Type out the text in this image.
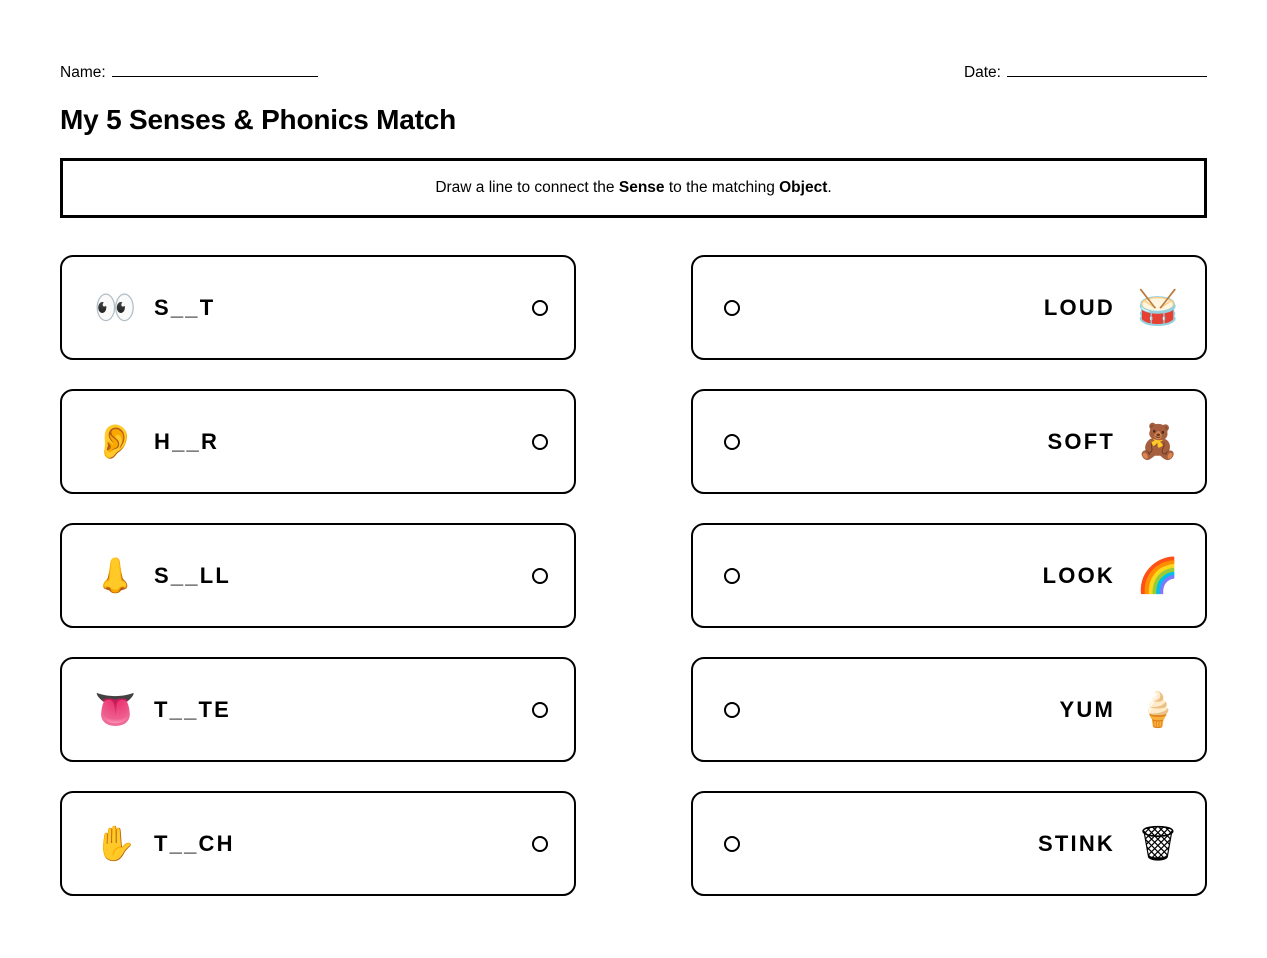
Name:	Date:
My 5 Senses & Phonics Match
Draw a line to connect the Sense to the matching Object.
👀 S__T	LOUD 🥁
👂 H__R	SOFT 🧸
👃 S__LL	LOOK 🌈
👅 T__TE	YUM 🍦
✋ T__CH	STINK 🗑
